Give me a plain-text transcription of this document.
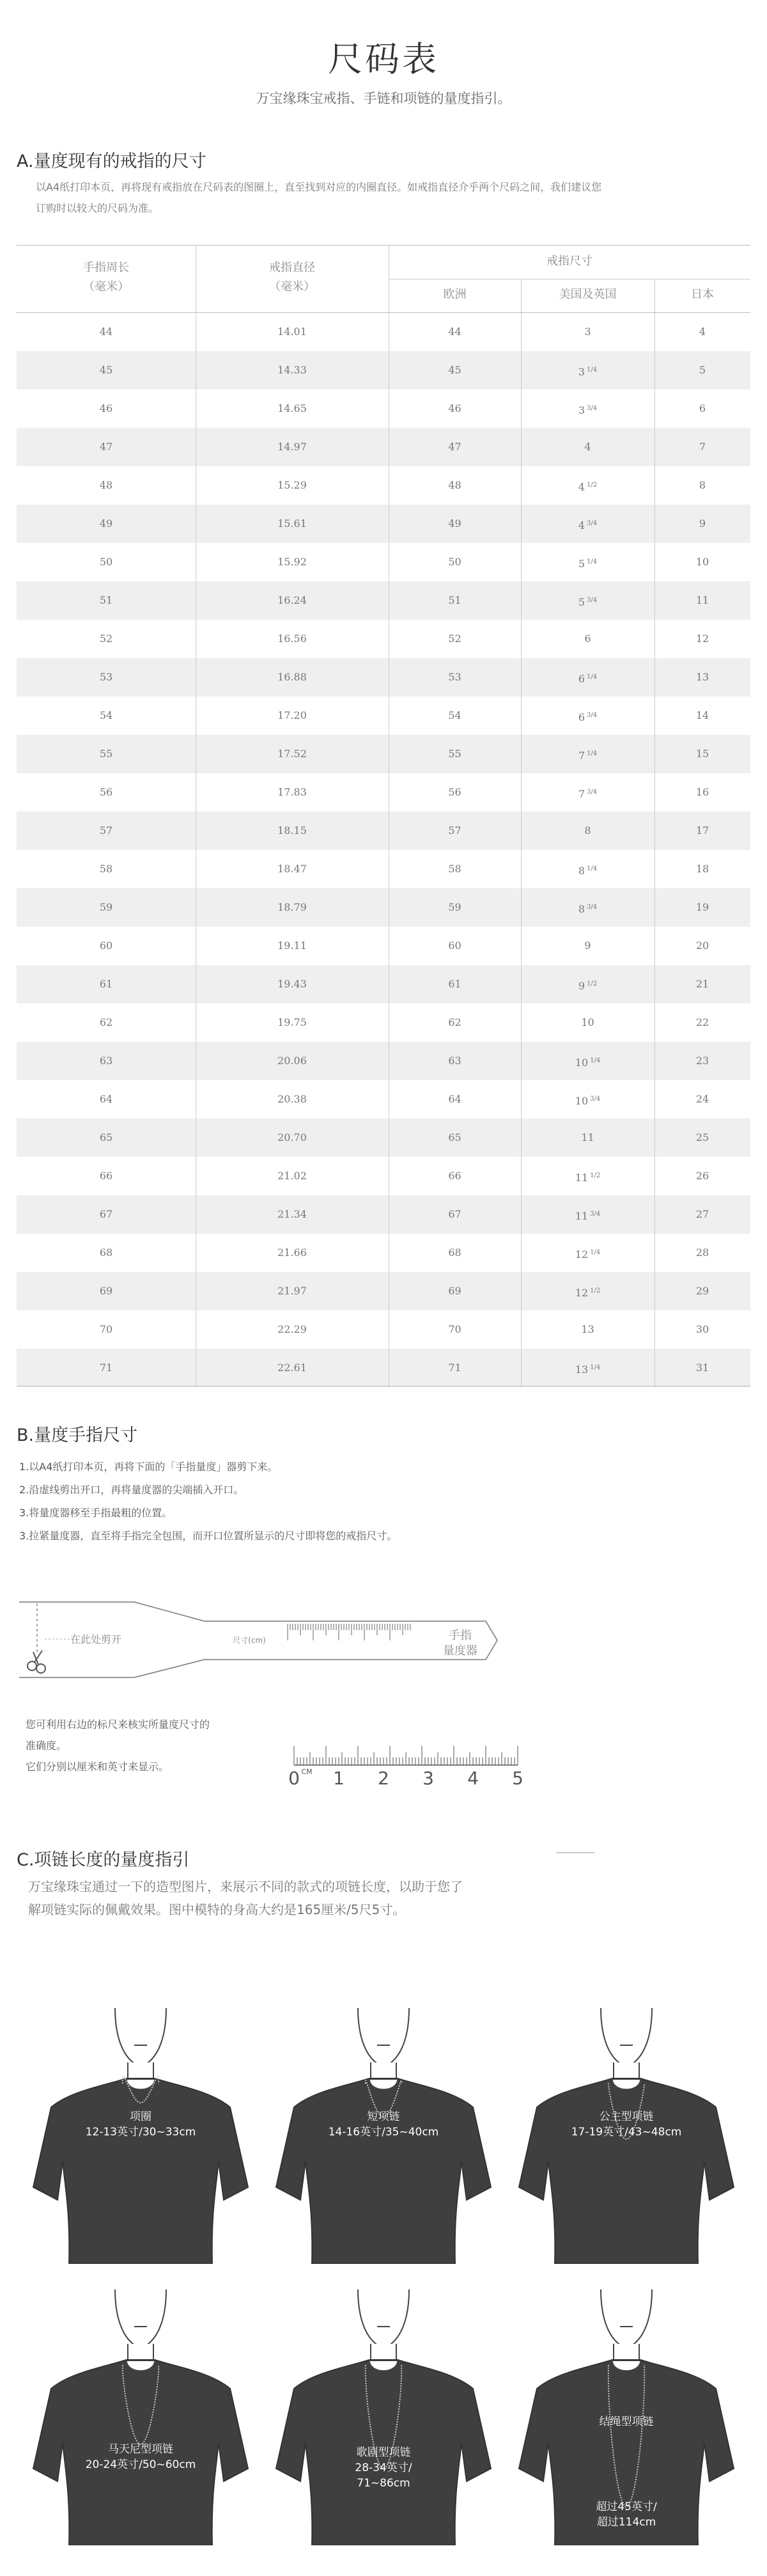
尺码表
万宝缘珠宝戒指、手链和项链的量度指引。
A.量度现有的戒指的尺寸
以A4纸打印本页，再将现有戒指放在尺码表的图圈上，直至找到对应的内圈直径。如戒指直径介乎两个尺码之间，我们建议您
订购时以较大的尺码为准。
手指周长
（毫米）
戒指直径
（毫米）
戒指尺寸
欧洲	美国及英国	日本
44	14.01	44	3	4
45	14.33	45	3 $^{1/4}$	5
46	14.65	46	3 $^{3/4}$	6
47	14.97	47	4	7
48	15.29	48	4 $^{1/2}$	8
49	15.61	49	4 $^{3/4}$	9
50	15.92	50	5 $^{1/4}$	10
51	16.24	51	5 $^{3/4}$	11
52	16.56	52	6	12
53	16.88	53	6 $^{1/4}$	13
54	17.20	54	6 $^{3/4}$	14
55	17.52	55	7 $^{1/4}$	15
56	17.83	56	7 $^{3/4}$	16
57	18.15	57	8	17
58	18.47	58	8 $^{1/4}$	18
59	18.79	59	8 $^{3/4}$	19
60	19.11	60	9	20
61	19.43	61	9 $^{1/2}$	21
62	19.75	62	10	22
63	20.06	63	10 $^{1/4}$	23
64	20.38	64	10 $^{3/4}$	24
65	20.70	65	11	25
66	21.02	66	11 $^{1/2}$	26
67	21.34	67	11 $^{3/4}$	27
68	21.66	68	12 $^{1/4}$	28
69	21.97	69	12 $^{1/2}$	29
70	22.29	70	13	30
71	22.61	71	13 $^{1/4}$	31
B.量度手指尺寸
1.以A4纸打印本页，再将下面的「手指量度」器剪下来。
2.沿虚线剪出开口，再将量度器的尖端插入开口。
3.将量度器移至手指最粗的位置。
3.拉紧量度器，直至将手指完全包围，而开口位置所显示的尺寸即将您的戒指尺寸。
在此处剪开	尺寸(cm)	手指
量度器
您可利用右边的标尺来核实所量度尺寸的
准确度。
它们分别以厘米和英寸来显示。
0 CM 1 2 3 4 5
C.项链长度的量度指引
万宝缘珠宝通过一下的造型图片，来展示不同的款式的项链长度，以助于您了
解项链实际的佩戴效果。图中模特的身高大约是165厘米/5尺5寸。
项圈
12-13英寸/30~33cm
短项链
14-16英寸/35~40cm
公主型项链
17-19英寸/43~48cm
马天尼型项链
20-24英寸/50~60cm
歌剧型项链
28-34英寸/
71~86cm
结绳型项链
超过45英寸/
超过114cm
